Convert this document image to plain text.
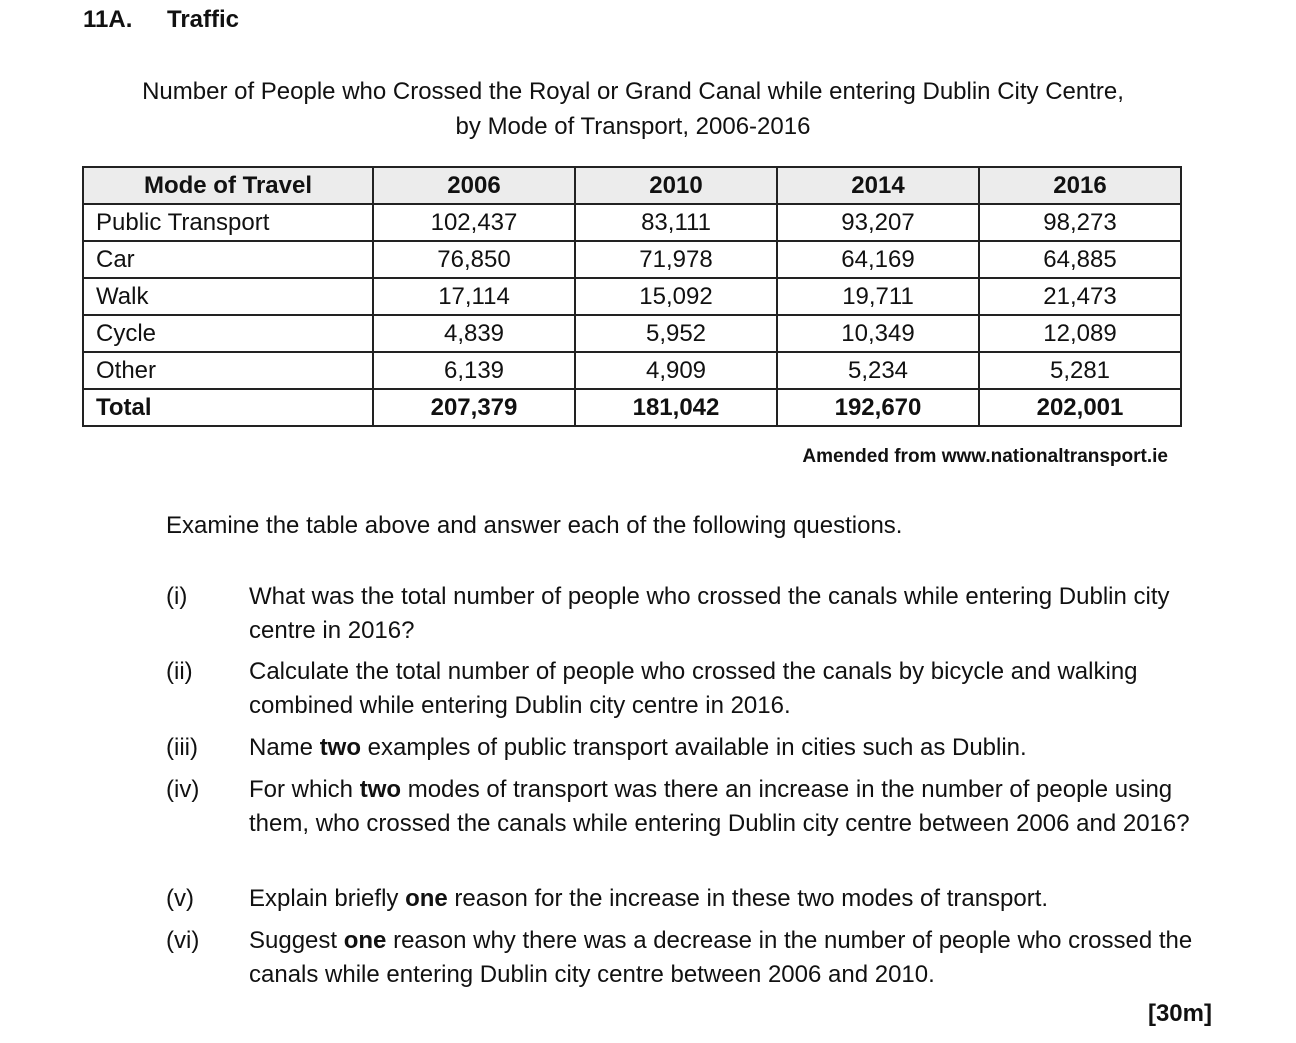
11A. Traffic
Number of People who Crossed the Royal or Grand Canal while entering Dublin City Centre,
by Mode of Transport, 2006-2016
Mode of Travel	2006	2010	2014	2016
Public Transport	102,437	83,111	93,207	98,273
Car	76,850	71,978	64,169	64,885
Walk	17,114	15,092	19,711	21,473
Cycle	4,839	5,952	10,349	12,089
Other	6,139	4,909	5,234	5,281
Total	207,379	181,042	192,670	202,001
Amended from www.nationaltransport.ie
Examine the table above and answer each of the following questions.
(i)	What was the total number of people who crossed the canals while entering Dublin city centre in 2016?
(ii)	Calculate the total number of people who crossed the canals by bicycle and walking combined while entering Dublin city centre in 2016.
(iii)	Name two examples of public transport available in cities such as Dublin.
(iv)	For which two modes of transport was there an increase in the number of people using them, who crossed the canals while entering Dublin city centre between 2006 and 2016?
(v)	Explain briefly one reason for the increase in these two modes of transport.
(vi)	Suggest one reason why there was a decrease in the number of people who crossed the canals while entering Dublin city centre between 2006 and 2010.
[30m]
